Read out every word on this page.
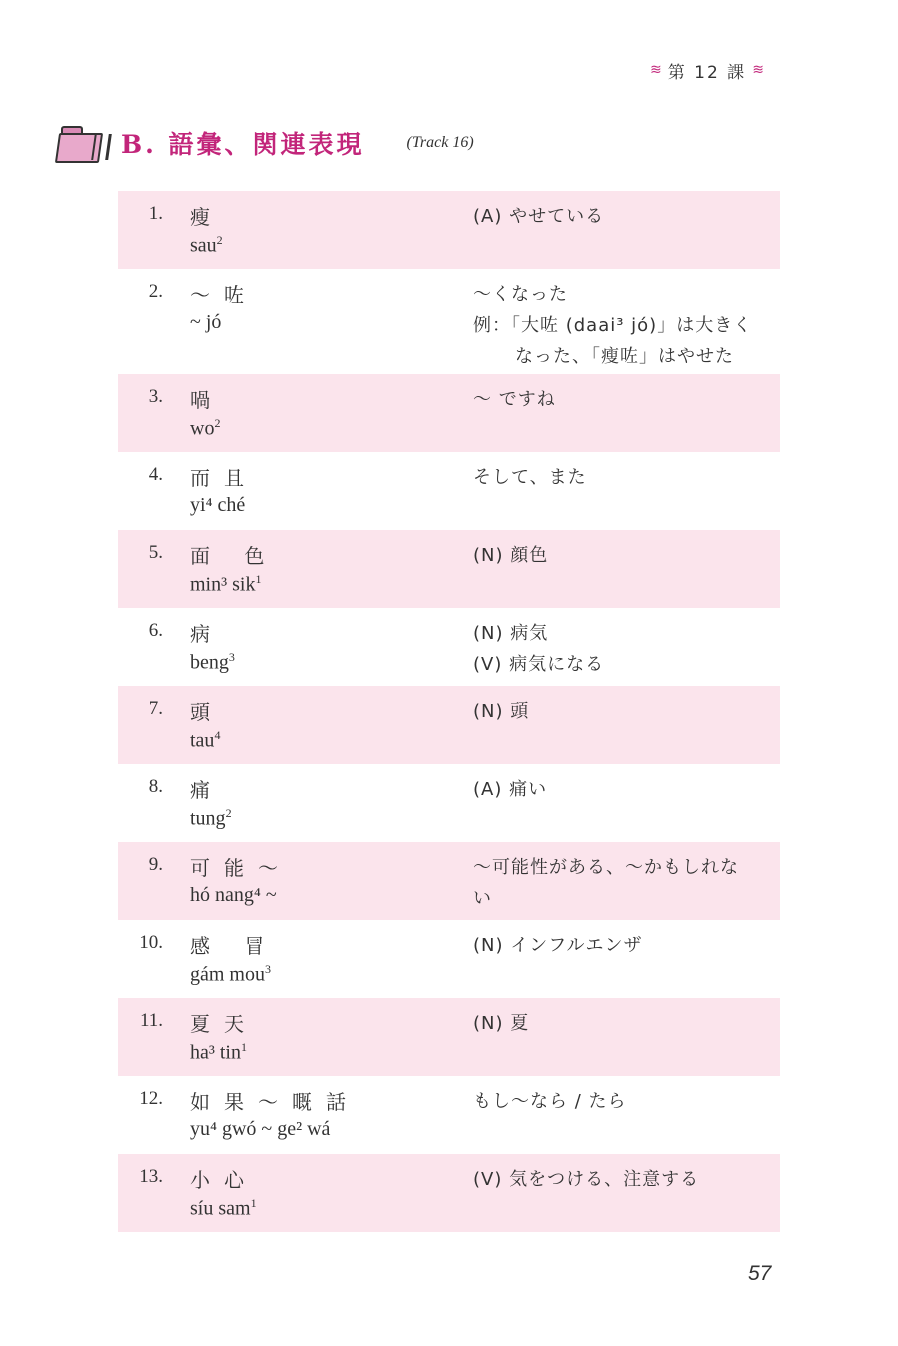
≋ 第 12 課 ≋
B. 語彙、関連表現	(Track 16)
1. 瘦
sau$^2$
(A) やせている
2. ～咗
~ jó
～くなった
例：「大咗 (daai³ jó)」は大きく
なった、「瘦咗」はやせた
3. 喎
$wo^2$
～ ですね
4. 而且
yi⁴ ché
そして、また
5. 面 色
min³ sik$^1$
(N) 顔色
6. 病
beng$^3$
(N) 病気
(V) 病気になる
7. 頭
tau$^4$
(N) 頭
8. 痛
tung$^2$
(A) 痛い
9. 可能～
hó nang⁴ ~
～可能性がある、～かもしれな
い
10. 感 冒
gám mou$^3$
(N) インフルエンザ
11. 夏天
ha³ tin$^1$
(N) 夏
12. 如果～嘅話
yu⁴ gwó ~ ge² wá
もし～なら / たら
13. 小心
síu sam$^1$
(V) 気をつける、注意する
57
